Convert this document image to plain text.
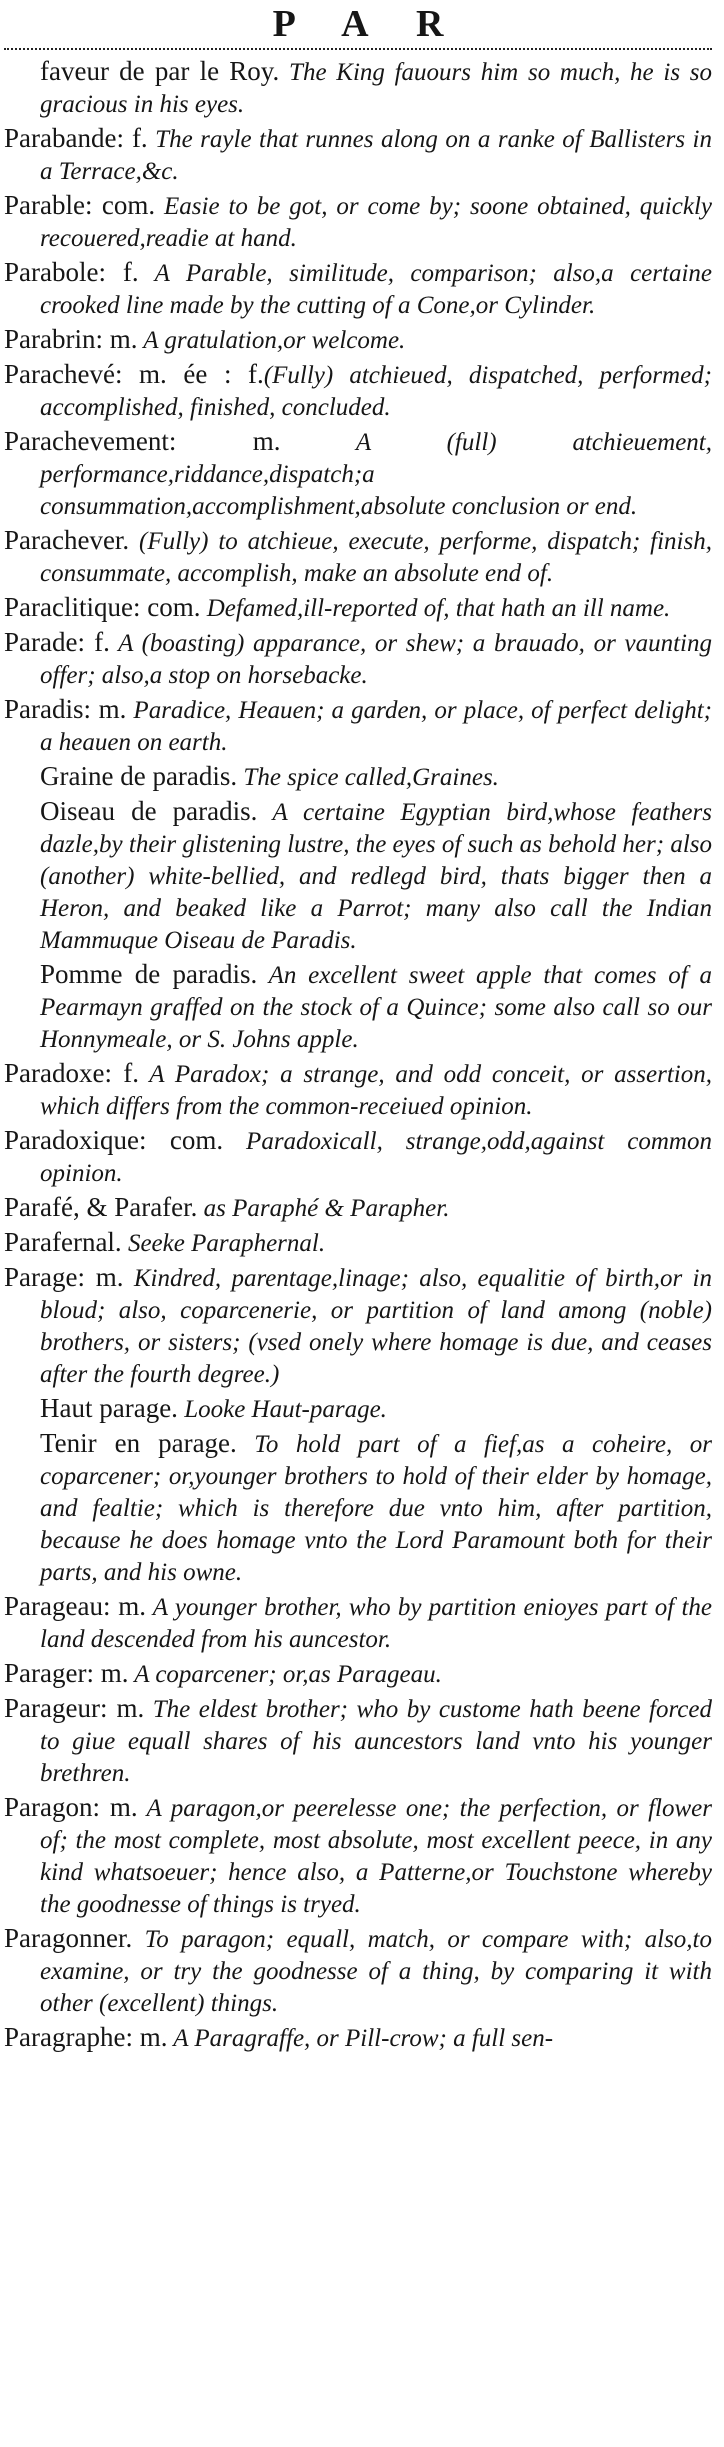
P A R
faveur de par le Roy. The King fauours him so much, he is so gracious in his eyes.
Parabande: f. The rayle that runnes along on a ranke of Ballisters in a Terrace,&c.
Parable: com. Easie to be got, or come by; soone obtained, quickly recouered,readie at hand.
Parabole: f. A Parable, similitude, comparison; also,a certaine crooked line made by the cutting of a Cone,or Cylinder.
Parabrin: m. A gratulation,or welcome.
Parachevé: m. ée : f.(Fully) atchieued, dispatched, performed; accomplished, finished, concluded.
Parachevement: m. A (full) atchieuement, performance,riddance,dispatch;a consummation,accomplishment,absolute conclusion or end.
Parachever. (Fully) to atchieue, execute, performe, dispatch; finish, consummate, accomplish, make an absolute end of.
Paraclitique: com. Defamed,ill-reported of, that hath an ill name.
Parade: f. A (boasting) apparance, or shew; a brauado, or vaunting offer; also,a stop on horsebacke.
Paradis: m. Paradice, Heauen; a garden, or place, of perfect delight; a heauen on earth.
Graine de paradis. The spice called,Graines.
Oiseau de paradis. A certaine Egyptian bird,whose feathers dazle,by their glistening lustre, the eyes of such as behold her; also (another) white-bellied, and redlegd bird, thats bigger then a Heron, and beaked like a Parrot; many also call the Indian Mammuque Oiseau de Paradis.
Pomme de paradis. An excellent sweet apple that comes of a Pearmayn graffed on the stock of a Quince; some also call so our Honnymeale, or S. Johns apple.
Paradoxe: f. A Paradox; a strange, and odd conceit, or assertion, which differs from the common-receiued opinion.
Paradoxique: com. Paradoxicall, strange,odd,against common opinion.
Parafé, & Parafer. as Paraphé & Parapher.
Parafernal. Seeke Paraphernal.
Parage: m. Kindred, parentage,linage; also, equalitie of birth,or in bloud; also, coparcenerie, or partition of land among (noble) brothers, or sisters; (vsed onely where homage is due, and ceases after the fourth degree.)
Haut parage. Looke Haut-parage.
Tenir en parage. To hold part of a fief,as a coheire, or coparcener; or,younger brothers to hold of their elder by homage, and fealtie; which is therefore due vnto him, after partition, because he does homage vnto the Lord Paramount both for their parts, and his owne.
Parageau: m. A younger brother, who by partition enioyes part of the land descended from his auncestor.
Parager: m. A coparcener; or,as Parageau.
Parageur: m. The eldest brother; who by custome hath beene forced to giue equall shares of his auncestors land vnto his younger brethren.
Paragon: m. A paragon,or peerelesse one; the perfection, or flower of; the most complete, most absolute, most excellent peece, in any kind whatsoeuer; hence also, a Patterne,or Touchstone whereby the goodnesse of things is tryed.
Paragonner. To paragon; equall, match, or compare with; also,to examine, or try the goodnesse of a thing, by comparing it with other (excellent) things.
Paragraphe: m. A Paragraffe, or Pill-crow; a full sen-
